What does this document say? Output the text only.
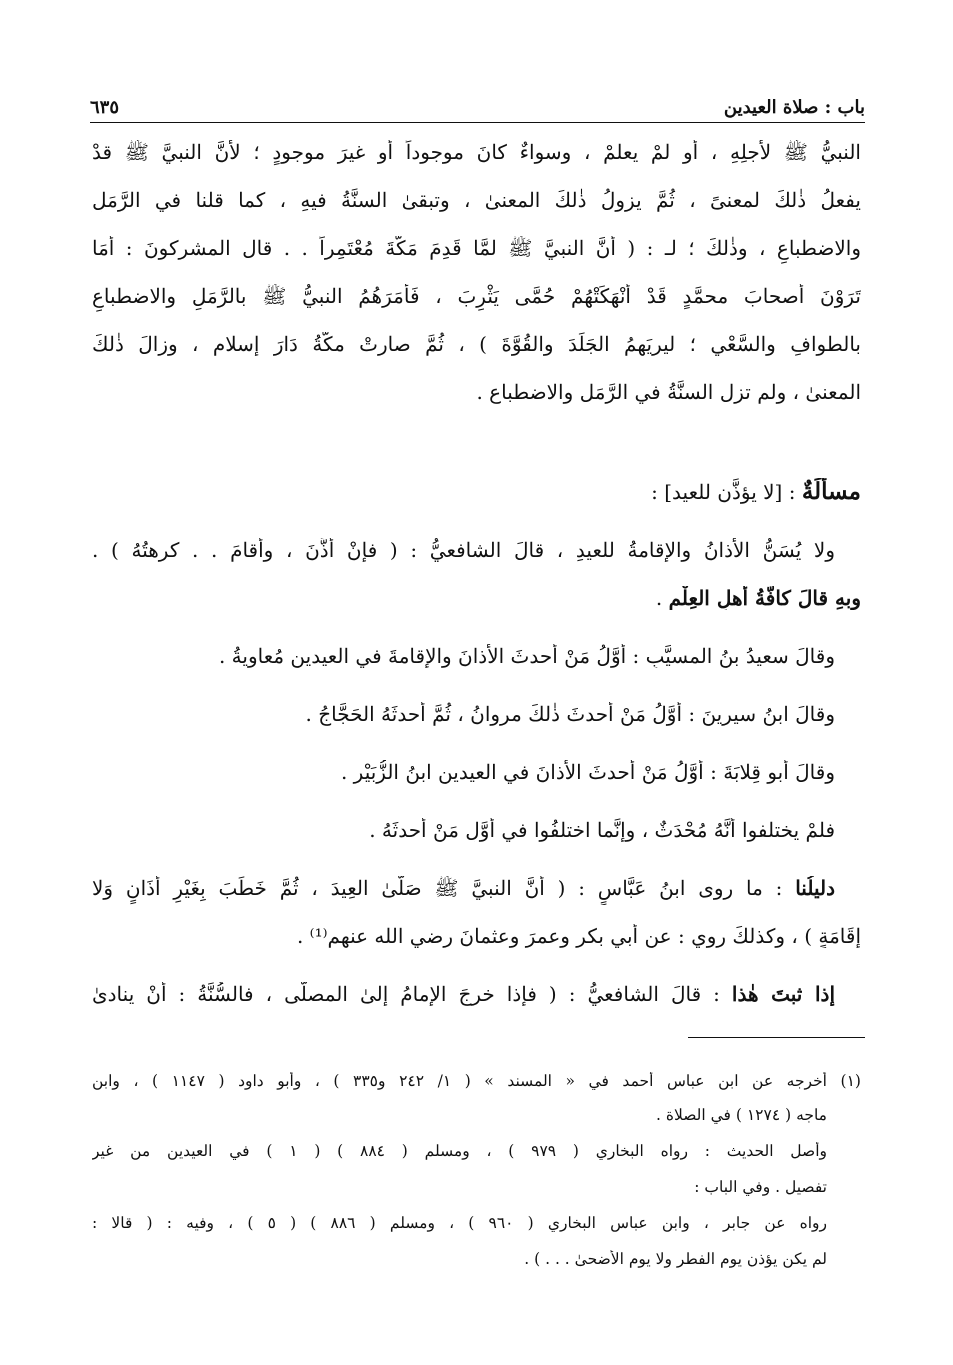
باب : صلاة العيدين
٦٣٥
النبيُّ ﷺ لأجلِهِ ، أو لمْ يعلمْ ، وسواءٌ كانَ موجوداً أو غيرَ موجودٍ ؛ لأنَّ النبيَّ ﷺ قدْ
يفعلُ ذٰلكَ لمعنىً ، ثُمَّ يزولُ ذٰلكَ المعنىٰ ، وتبقىٰ السنَّةُ فيهِ ، كما قلنا في الرَّمَلِ
والاضطباعِ ، وذٰلكَ ؛ لـ : ( أنَّ النبيَّ ﷺ لمَّا قَدِمَ مَكَّةَ مُعْتَمِراً . . قال المشركونَ : أَمَا
تَرَوْنَ أصحابَ محمَّدٍ قَدْ أَنْهَكَتْهُمْ حُمَّى يَثْرِبَ ، فَأَمَرَهُمُ النبيُّ ﷺ بالرَّمَلِ والاضطباعِ
بالطوافِ والسَّعْيِ ؛ ليرِيَهمُ الجَلَدَ والقُوَّةَ ) ، ثُمَّ صارتْ مكَّةُ دَارَ إسلامٍ ، وزالَ ذٰلكَ
المعنىٰ ، ولم تزلِ السنَّةُ في الرَّمَلِ والاضطباعِ .
مسأَلَةٌ : [لا يؤذَّن للعيد] :
ولا يُسَنُّ الأذانُ والإقامةُ للعيدِ ، قالَ الشافعيُّ : ( فإنْ أَذَّنَ ، وأقامَ . . كرهتُهُ ) .
وبهِ قالَ كافَّةُ أهلِ العِلْمِ .
وقالَ سعيدُ بنُ المسيَّبِ : أوَّلُ مَنْ أحدثَ الأذانَ والإقامةَ في العيدينِ مُعاويةُ .
وقالَ ابنُ سيرينَ : أوَّلُ مَنْ أحدثَ ذٰلكَ مروانُ ، ثُمَّ أحدثَهُ الحَجَّاجُ .
وقالَ أبو قِلابَةَ : أوَّلُ مَنْ أحدثَ الأذانَ في العيدينِ ابنُ الزُّبَيْرِ .
فلمْ يختلفوا أنَّهُ مُحْدَثٌ ، وإنَّما اختلفُوا في أوَّلِ مَنْ أحدثَهُ .
دليلُنا : ما روى ابنُ عَبَّاسٍ : ( أنَّ النبيَّ ﷺ صَلَّىٰ العِيدَ ، ثُمَّ خَطَبَ بِغَيْرِ أَذَانٍ وَلا
إِقَامَةٍ ) ، وكذلكَ روي : عن أبي بكرٍ وعمرَ وعثمانَ رضي الله عنهم⁽¹⁾ .
إذا ثبتَ هٰذا : قالَ الشافعيُّ : ( فإذا خرجَ الإمامُ إلىٰ المصلَّى ، فالسُّنَّةُ : أنْ ينادىٰ
(١) أخرجه عن ابن عباس أحمد في « المسند » ( ١/ ٢٤٢ و٣٣٥ ) ، وأبو داود ( ١١٤٧ ) ، وابن
ماجه ( ١٢٧٤ ) في الصلاة .
وأصل الحديث : رواه البخاري ( ٩٧٩ ) ، ومسلم ( ٨٨٤ ) ( ١ ) في العيدين من غير
تفصيل . وفي الباب :
رواه عن جابر ، وابن عباس البخاري ( ٩٦٠ ) ، ومسلم ( ٨٨٦ ) ( ٥ ) ، وفيه : ( قالا :
لم يكن يؤذن يوم الفطر ولا يوم الأضحىٰ . . . ) .
